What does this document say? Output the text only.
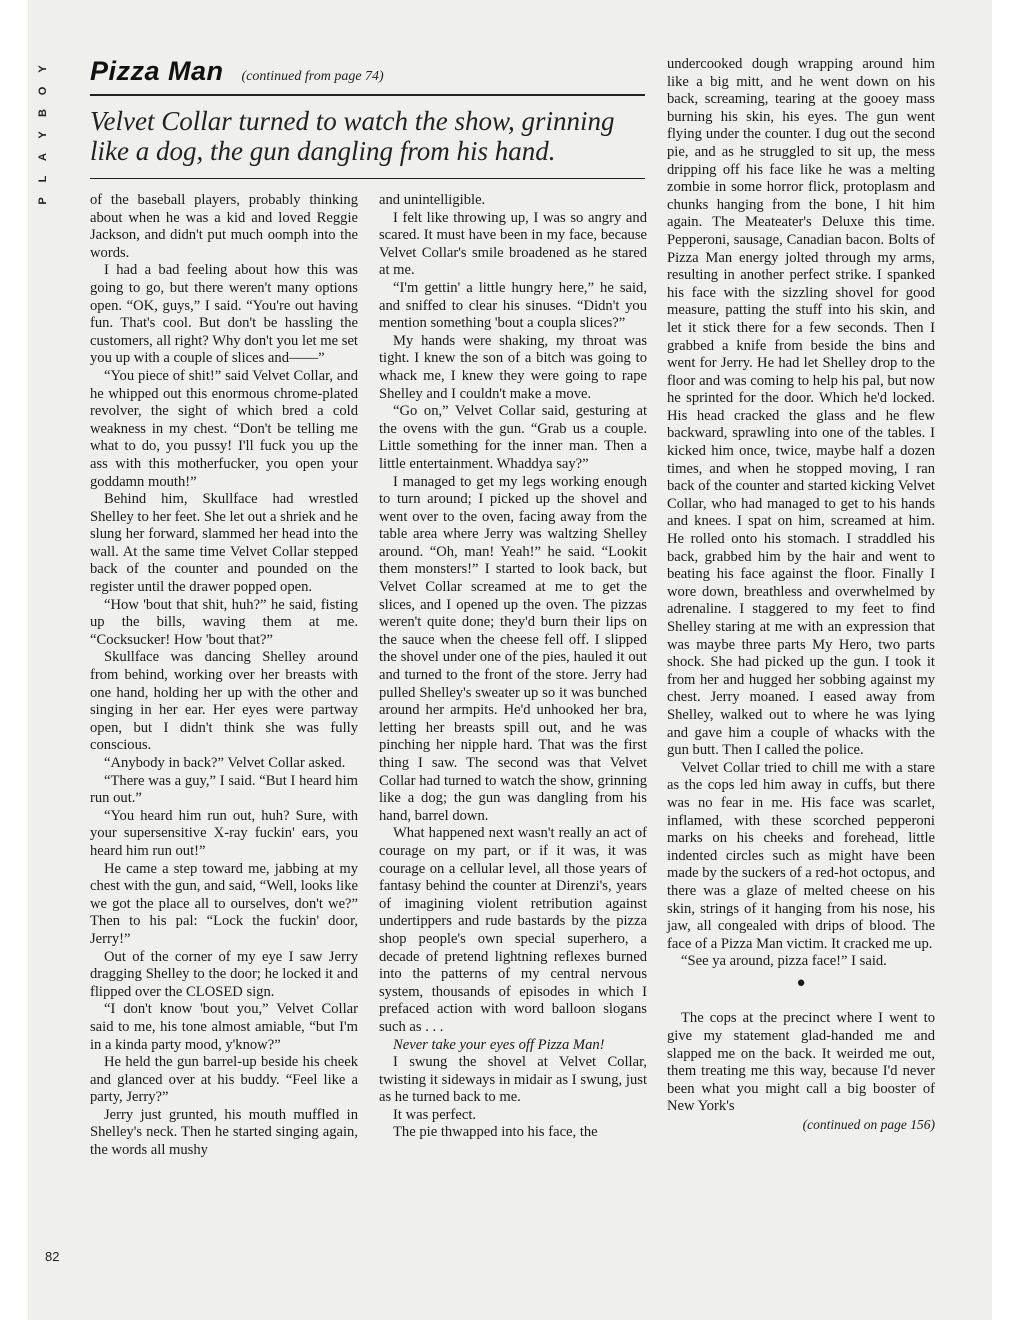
Y
O
B
Y
A
L
P
Pizza Man (continued from page 74)
Velvet Collar turned to watch the show, grinning like a dog, the gun dangling from his hand.

of the baseball players, probably thinking about when he was a kid and loved Reggie Jackson, and didn't put much oomph into the words.

I had a bad feeling about how this was going to go, but there weren't many options open. “OK, guys,” I said. “You're out having fun. That's cool. But don't be hassling the customers, all right? Why don't you let me set you up with a couple of slices and——”

“You piece of shit!” said Velvet Collar, and he whipped out this enormous chrome-plated revolver, the sight of which bred a cold weakness in my chest. “Don't be telling me what to do, you pussy! I'll fuck you up the ass with this motherfucker, you open your goddamn mouth!”

Behind him, Skullface had wrestled Shelley to her feet. She let out a shriek and he slung her forward, slammed her head into the wall. At the same time Velvet Collar stepped back of the counter and pounded on the register until the drawer popped open.

“How 'bout that shit, huh?” he said, fisting up the bills, waving them at me. “Cocksucker! How 'bout that?”

Skullface was dancing Shelley around from behind, working over her breasts with one hand, holding her up with the other and singing in her ear. Her eyes were partway open, but I didn't think she was fully conscious.

“Anybody in back?” Velvet Collar asked.

“There was a guy,” I said. “But I heard him run out.”

“You heard him run out, huh? Sure, with your supersensitive X-ray fuckin' ears, you heard him run out!”

He came a step toward me, jabbing at my chest with the gun, and said, “Well, looks like we got the place all to ourselves, don't we?” Then to his pal: “Lock the fuckin' door, Jerry!”

Out of the corner of my eye I saw Jerry dragging Shelley to the door; he locked it and flipped over the CLOSED sign.

“I don't know 'bout you,” Velvet Collar said to me, his tone almost amiable, “but I'm in a kinda party mood, y'know?”

He held the gun barrel-up beside his cheek and glanced over at his buddy. “Feel like a party, Jerry?”

Jerry just grunted, his mouth muffled in Shelley's neck. Then he started singing again, the words all mushy

and unintelligible.

I felt like throwing up, I was so angry and scared. It must have been in my face, because Velvet Collar's smile broadened as he stared at me.

“I'm gettin' a little hungry here,” he said, and sniffed to clear his sinuses. “Didn't you mention something 'bout a coupla slices?”

My hands were shaking, my throat was tight. I knew the son of a bitch was going to whack me, I knew they were going to rape Shelley and I couldn't make a move.

“Go on,” Velvet Collar said, gesturing at the ovens with the gun. “Grab us a couple. Little something for the inner man. Then a little entertainment. Whaddya say?”

I managed to get my legs working enough to turn around; I picked up the shovel and went over to the oven, facing away from the table area where Jerry was waltzing Shelley around. “Oh, man! Yeah!” he said. “Lookit them monsters!” I started to look back, but Velvet Collar screamed at me to get the slices, and I opened up the oven. The pizzas weren't quite done; they'd burn their lips on the sauce when the cheese fell off. I slipped the shovel under one of the pies, hauled it out and turned to the front of the store. Jerry had pulled Shelley's sweater up so it was bunched around her armpits. He'd unhooked her bra, letting her breasts spill out, and he was pinching her nipple hard. That was the first thing I saw. The second was that Velvet Collar had turned to watch the show, grinning like a dog; the gun was dangling from his hand, barrel down.

What happened next wasn't really an act of courage on my part, or if it was, it was courage on a cellular level, all those years of fantasy behind the counter at Direnzi's, years of imagining violent retribution against undertippers and rude bastards by the pizza shop people's own special superhero, a decade of pretend lightning reflexes burned into the patterns of my central nervous system, thousands of episodes in which I prefaced action with word balloon slogans such as . . .

Never take your eyes off Pizza Man!

I swung the shovel at Velvet Collar, twisting it sideways in midair as I swung, just as he turned back to me.

It was perfect.

The pie thwapped into his face, the

undercooked dough wrapping around him like a big mitt, and he went down on his back, screaming, tearing at the gooey mass burning his skin, his eyes. The gun went flying under the counter. I dug out the second pie, and as he struggled to sit up, the mess dripping off his face like he was a melting zombie in some horror flick, protoplasm and chunks hanging from the bone, I hit him again. The Meateater's Deluxe this time. Pepperoni, sausage, Canadian bacon. Bolts of Pizza Man energy jolted through my arms, resulting in another perfect strike. I spanked his face with the sizzling shovel for good measure, patting the stuff into his skin, and let it stick there for a few seconds. Then I grabbed a knife from beside the bins and went for Jerry. He had let Shelley drop to the floor and was coming to help his pal, but now he sprinted for the door. Which he'd locked. His head cracked the glass and he flew backward, sprawling into one of the tables. I kicked him once, twice, maybe half a dozen times, and when he stopped moving, I ran back of the counter and started kicking Velvet Collar, who had managed to get to his hands and knees. I spat on him, screamed at him. He rolled onto his stomach. I straddled his back, grabbed him by the hair and went to beating his face against the floor. Finally I wore down, breathless and overwhelmed by adrenaline. I staggered to my feet to find Shelley staring at me with an expression that was maybe three parts My Hero, two parts shock. She had picked up the gun. I took it from her and hugged her sobbing against my chest. Jerry moaned. I eased away from Shelley, walked out to where he was lying and gave him a couple of whacks with the gun butt. Then I called the police.

Velvet Collar tried to chill me with a stare as the cops led him away in cuffs, but there was no fear in me. His face was scarlet, inflamed, with these scorched pepperoni marks on his cheeks and forehead, little indented circles such as might have been made by the suckers of a red-hot octopus, and there was a glaze of melted cheese on his skin, strings of it hanging from his nose, his jaw, all congealed with drips of blood. The face of a Pizza Man victim. It cracked me up.

“See ya around, pizza face!” I said.

●

The cops at the precinct where I went to give my statement glad-handed me and slapped me on the back. It weirded me out, them treating me this way, because I'd never been what you might call a big booster of New York's

(continued on page 156)
82
